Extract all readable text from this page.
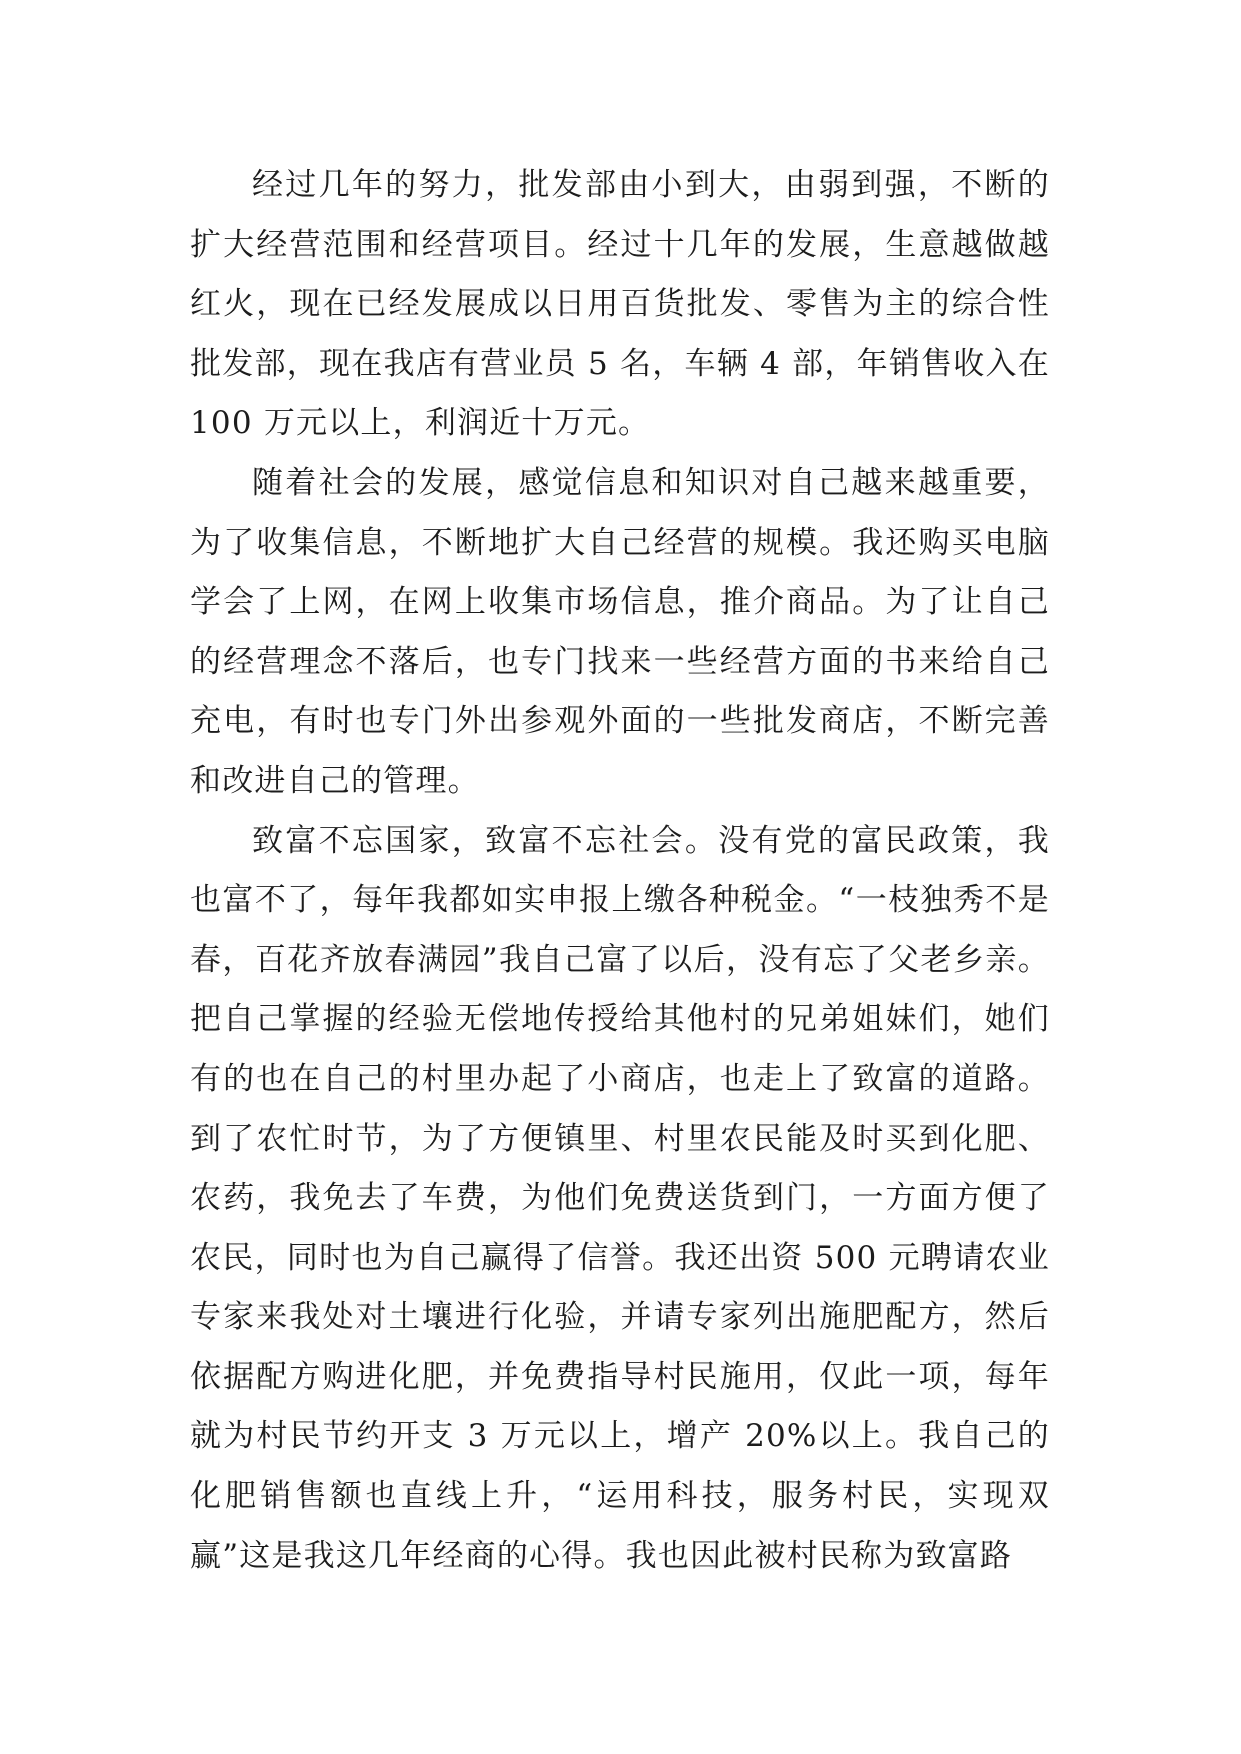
经过几年的努力，批发部由小到大，由弱到强，不断的扩大经营范围和经营项目。经过十几年的发展，生意越做越红火，现在已经发展成以日用百货批发、零售为主的综合性批发部，现在我店有营业员 5 名，车辆 4 部，年销售收入在 100 万元以上，利润近十万元。

随着社会的发展，感觉信息和知识对自己越来越重要，为了收集信息，不断地扩大自己经营的规模。我还购买电脑学会了上网，在网上收集市场信息，推介商品。为了让自己的经营理念不落后，也专门找来一些经营方面的书来给自己充电，有时也专门外出参观外面的一些批发商店，不断完善和改进自己的管理。

致富不忘国家，致富不忘社会。没有党的富民政策，我也富不了，每年我都如实申报上缴各种税金。“一枝独秀不是春，百花齐放春满园”我自己富了以后，没有忘了父老乡亲。把自己掌握的经验无偿地传授给其他村的兄弟姐妹们，她们有的也在自己的村里办起了小商店，也走上了致富的道路。到了农忙时节，为了方便镇里、村里农民能及时买到化肥、农药，我免去了车费，为他们免费送货到门，一方面方便了农民，同时也为自己赢得了信誉。我还出资 500 元聘请农业专家来我处对土壤进行化验，并请专家列出施肥配方，然后依据配方购进化肥，并免费指导村民施用，仅此一项，每年就为村民节约开支 3 万元以上，增产 20%以上。我自己的化肥销售额也直线上升，“运用科技，服务村民，实现双赢”这是我这几年经商的心得。我也因此被村民称为致富路
